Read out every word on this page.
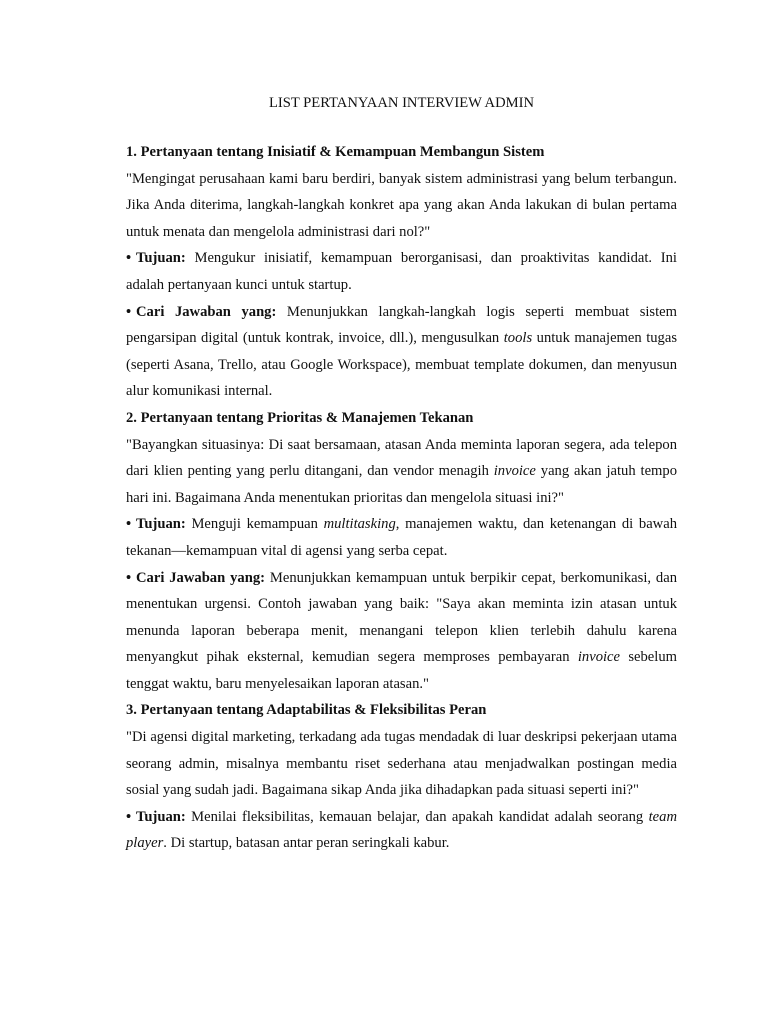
LIST PERTANYAAN INTERVIEW ADMIN

1. Pertanyaan tentang Inisiatif & Kemampuan Membangun Sistem

"Mengingat perusahaan kami baru berdiri, banyak sistem administrasi yang belum terbangun. Jika Anda diterima, langkah-langkah konkret apa yang akan Anda lakukan di bulan pertama untuk menata dan mengelola administrasi dari nol?"

• Tujuan: Mengukur inisiatif, kemampuan berorganisasi, dan proaktivitas kandidat. Ini adalah pertanyaan kunci untuk startup.

• Cari Jawaban yang: Menunjukkan langkah-langkah logis seperti membuat sistem pengarsipan digital (untuk kontrak, invoice, dll.), mengusulkan tools untuk manajemen tugas (seperti Asana, Trello, atau Google Workspace), membuat template dokumen, dan menyusun alur komunikasi internal.

2. Pertanyaan tentang Prioritas & Manajemen Tekanan

"Bayangkan situasinya: Di saat bersamaan, atasan Anda meminta laporan segera, ada telepon dari klien penting yang perlu ditangani, dan vendor menagih invoice yang akan jatuh tempo hari ini. Bagaimana Anda menentukan prioritas dan mengelola situasi ini?"

• Tujuan: Menguji kemampuan multitasking, manajemen waktu, dan ketenangan di bawah tekanan—kemampuan vital di agensi yang serba cepat.

• Cari Jawaban yang: Menunjukkan kemampuan untuk berpikir cepat, berkomunikasi, dan menentukan urgensi. Contoh jawaban yang baik: "Saya akan meminta izin atasan untuk menunda laporan beberapa menit, menangani telepon klien terlebih dahulu karena menyangkut pihak eksternal, kemudian segera memproses pembayaran invoice sebelum tenggat waktu, baru menyelesaikan laporan atasan."

3. Pertanyaan tentang Adaptabilitas & Fleksibilitas Peran

"Di agensi digital marketing, terkadang ada tugas mendadak di luar deskripsi pekerjaan utama seorang admin, misalnya membantu riset sederhana atau menjadwalkan postingan media sosial yang sudah jadi. Bagaimana sikap Anda jika dihadapkan pada situasi seperti ini?"

• Tujuan: Menilai fleksibilitas, kemauan belajar, dan apakah kandidat adalah seorang team player. Di startup, batasan antar peran seringkali kabur.
